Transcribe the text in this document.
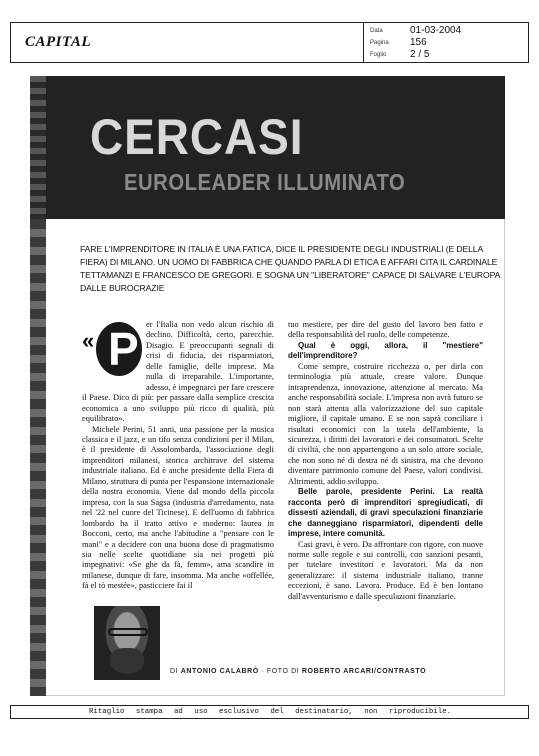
CAPITAL
Data	01-03-2004
Pagina 156
Foglio 2 / 5
CERCASI
EUROLEADER ILLUMINATO
FARE L'IMPRENDITORE IN ITALIA È UNA FATICA, DICE IL PRESIDENTE DEGLI INDUSTRIALI (E DELLA FIERA) DI MILANO. UN UOMO DI FABBRICA CHE QUANDO PARLA DI ETICA E AFFARI CITA IL CARDINALE TETTAMANZI E FRANCESCO DE GREGORI. E SOGNA UN "LIBERATORE" CAPACE DI SALVARE L'EUROPA DALLE BUROCRAZIE
« P er l'Italia non vedo alcun rischio di declino. Difficoltà, certo, parecchie. Disagio. E preoccupanti segnali di crisi di fiducia, dei risparmiatori, delle famiglie, delle imprese. Ma nulla di irreparabile. L'importante, adesso, è impegnarci per fare crescere il Paese. Dico di più: per passare dalla semplice crescita economica a uno sviluppo più ricco di qualità, più equilibrato».

Michele Perini, 51 anni, una passione per la musica classica e il jazz, e un tifo senza condizioni per il Milan, è il presidente di Assolombarda, l'associazione degli imprenditori milanesi, storica architrave del sistema industriale italiano. Ed è anche presidente della Fiera di Milano, struttura di punta per l'espansione internazionale della nostra economia. Viene dal mondo della piccola impresa, con la sua Sagsa (industria d'arredamento, nata nel '22 nel cuore del Ticinese). E dell'uomo di fabbrica lombardo ha il tratto attivo e moderno: laurea in Bocconi, certo, ma anche l'abitudine a "pensare con le mani" e a decidere con una buona dose di pragmatismo sia nelle scelte quotidiane sia nei progetti più impegnativi: «Se ghe da fà, femm», ama scandire in milanese, dunque di fare, insomma. Ma anche «offellée, fà el tò mestée», pasticciere fai il

tuo mestiere, per dire del gusto del lavoro ben fatto e della responsabilità del ruolo, delle competenze.

Qual è oggi, allora, il "mestiere" dell'imprenditore?

Come sempre, costruire ricchezza o, per dirla con terminologia più attuale, creare valore. Dunque intraprendenza, innovazione, attenzione al mercato. Ma anche responsabilità sociale. L'impresa non avrà futuro se non starà attenta alla valorizzazione del suo capitale migliore, il capitale umano. E se non saprà conciliare i risultati economici con la tutela dell'ambiente, la sicurezza, i diritti dei lavoratori e dei consumatori. Scelte di civiltà, che non appartengono a un solo attore sociale, che non sono né di destra né di sinistra, ma che devono diventare patrimonio comune del Paese, valori condivisi. Altrimenti, addio sviluppo.

Belle parole, presidente Perini. La realtà racconta però di imprenditori spregiudicati, di dissesti aziendali, di gravi speculazioni finanziarie che danneggiano risparmiatori, dipendenti delle imprese, intere comunità.

Casi gravi, è vero. Da affrontare con rigore, con nuove norme sulle regole e sui controlli, con sanzioni pesanti, per tutelare investitori e lavoratori. Ma da non generalizzare: il sistema industriale italiano, tranne eccezioni, è sano. Lavora. Produce. Ed è ben lontano dall'avventurismo e dalle speculazioni finanziarie.

DI ANTONIO CALABRÒ · FOTO DI ROBERTO ARCARI/CONTRASTO
Ritaglio stampa ad uso esclusivo del destinatario, non riproducibile.
